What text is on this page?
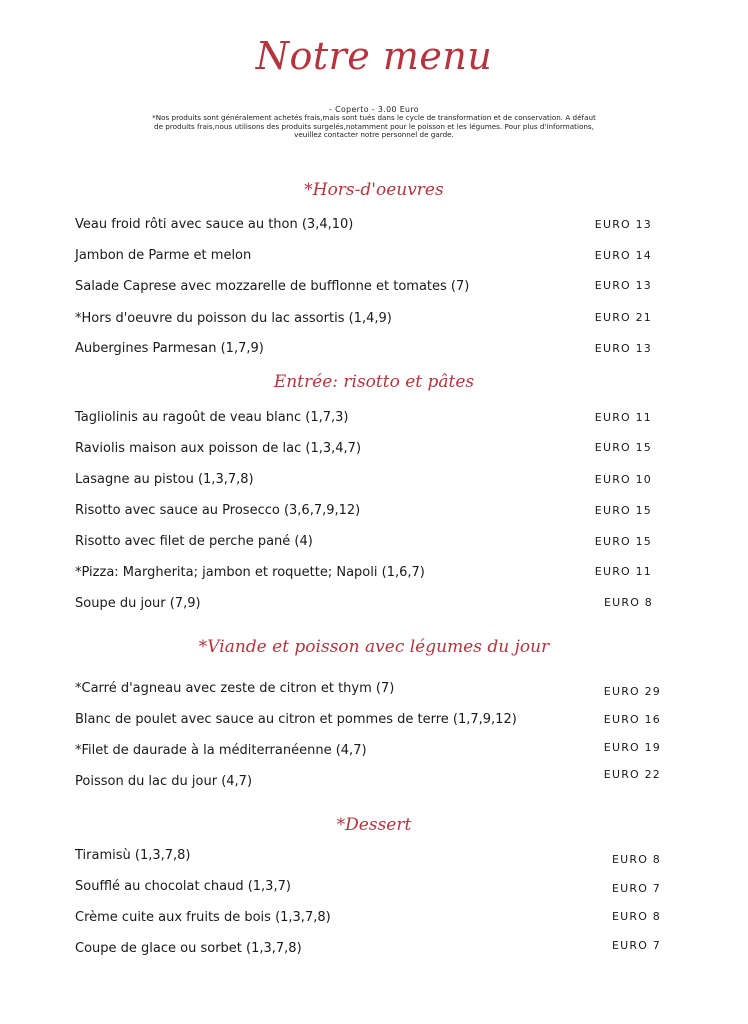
Notre menu
- Coperto - 3.00 Euro
*Nos produits sont généralement achetés frais,mais sont tués dans le cycle de transformation et de conservation. A défaut de produits frais,nous utilisons des produits surgelés,notamment pour le poisson et les légumes. Pour plus d'informations, veuillez contacter notre personnel de garde.
*Hors-d'oeuvres
Veau froid rôti avec sauce au thon (3,4,10)	EURO 13
Jambon de Parme et melon	EURO 14
Salade Caprese avec mozzarelle de bufflonne et tomates (7)	EURO 13
*Hors d'oeuvre du poisson du lac assortis (1,4,9)	EURO 21
Aubergines Parmesan (1,7,9)	EURO 13
Entrée: risotto et pâtes
Tagliolinis au ragoût de veau blanc (1,7,3)	EURO 11
Raviolis maison aux poisson de lac (1,3,4,7)	EURO 15
Lasagne au pistou (1,3,7,8)	EURO 10
Risotto avec sauce au Prosecco (3,6,7,9,12)	EURO 15
Risotto avec filet de perche pané (4)	EURO 15
*Pizza: Margherita; jambon et roquette; Napoli (1,6,7)	EURO 11
Soupe du jour (7,9)	EURO 8
*Viande et poisson avec légumes du jour
*Carré d'agneau avec zeste de citron et thym (7)	EURO 29
Blanc de poulet avec sauce au citron et pommes de terre (1,7,9,12)	EURO 16
*Filet de daurade à la méditerranéenne (4,7)	EURO 19
Poisson du lac du jour (4,7)	EURO 22
*Dessert
Tiramisù (1,3,7,8)	EURO 8
Soufflé au chocolat chaud (1,3,7)	EURO 7
Crème cuite aux fruits de bois (1,3,7,8)	EURO 8
Coupe de glace ou sorbet (1,3,7,8)	EURO 7
